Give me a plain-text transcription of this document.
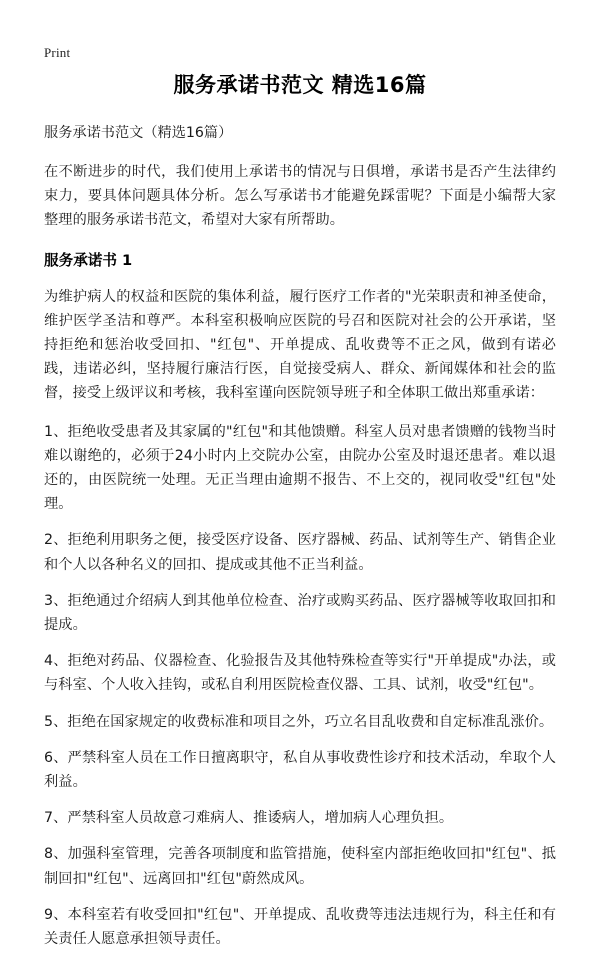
Print
服务承诺书范文 精选16篇

服务承诺书范文（精选16篇）

在不断进步的时代，我们使用上承诺书的情况与日俱增，承诺书是否产生法律约束力，要具体问题具体分析。怎么写承诺书才能避免踩雷呢？下面是小编帮大家整理的服务承诺书范文，希望对大家有所帮助。

服务承诺书 1

为维护病人的权益和医院的集体利益，履行医疗工作者的"光荣职责和神圣使命，维护医学圣洁和尊严。本科室积极响应医院的号召和医院对社会的公开承诺，坚持拒绝和惩治收受回扣、"红包"、开单提成、乱收费等不正之风，做到有诺必践，违诺必纠，坚持履行廉洁行医，自觉接受病人、群众、新闻媒体和社会的监督，接受上级评议和考核，我科室谨向医院领导班子和全体职工做出郑重承诺：

1、拒绝收受患者及其家属的"红包"和其他馈赠。科室人员对患者馈赠的钱物当时难以谢绝的，必须于24小时内上交院办公室，由院办公室及时退还患者。难以退还的，由医院统一处理。无正当理由逾期不报告、不上交的，视同收受"红包"处理。

2、拒绝利用职务之便，接受医疗设备、医疗器械、药品、试剂等生产、销售企业和个人以各种名义的回扣、提成或其他不正当利益。

3、拒绝通过介绍病人到其他单位检查、治疗或购买药品、医疗器械等收取回扣和提成。

4、拒绝对药品、仪器检查、化验报告及其他特殊检查等实行"开单提成"办法，或与科室、个人收入挂钩，或私自利用医院检查仪器、工具、试剂，收受"红包"。

5、拒绝在国家规定的收费标准和项目之外，巧立名目乱收费和自定标准乱涨价。

6、严禁科室人员在工作日擅离职守，私自从事收费性诊疗和技术活动，牟取个人利益。

7、严禁科室人员故意刁难病人、推诿病人，增加病人心理负担。

8、加强科室管理，完善各项制度和监管措施，使科室内部拒绝收回扣"红包"、抵制回扣"红包"、远离回扣"红包"蔚然成风。

9、本科室若有收受回扣"红包"、开单提成、乱收费等违法违规行为，科主任和有关责任人愿意承担领导责任。
